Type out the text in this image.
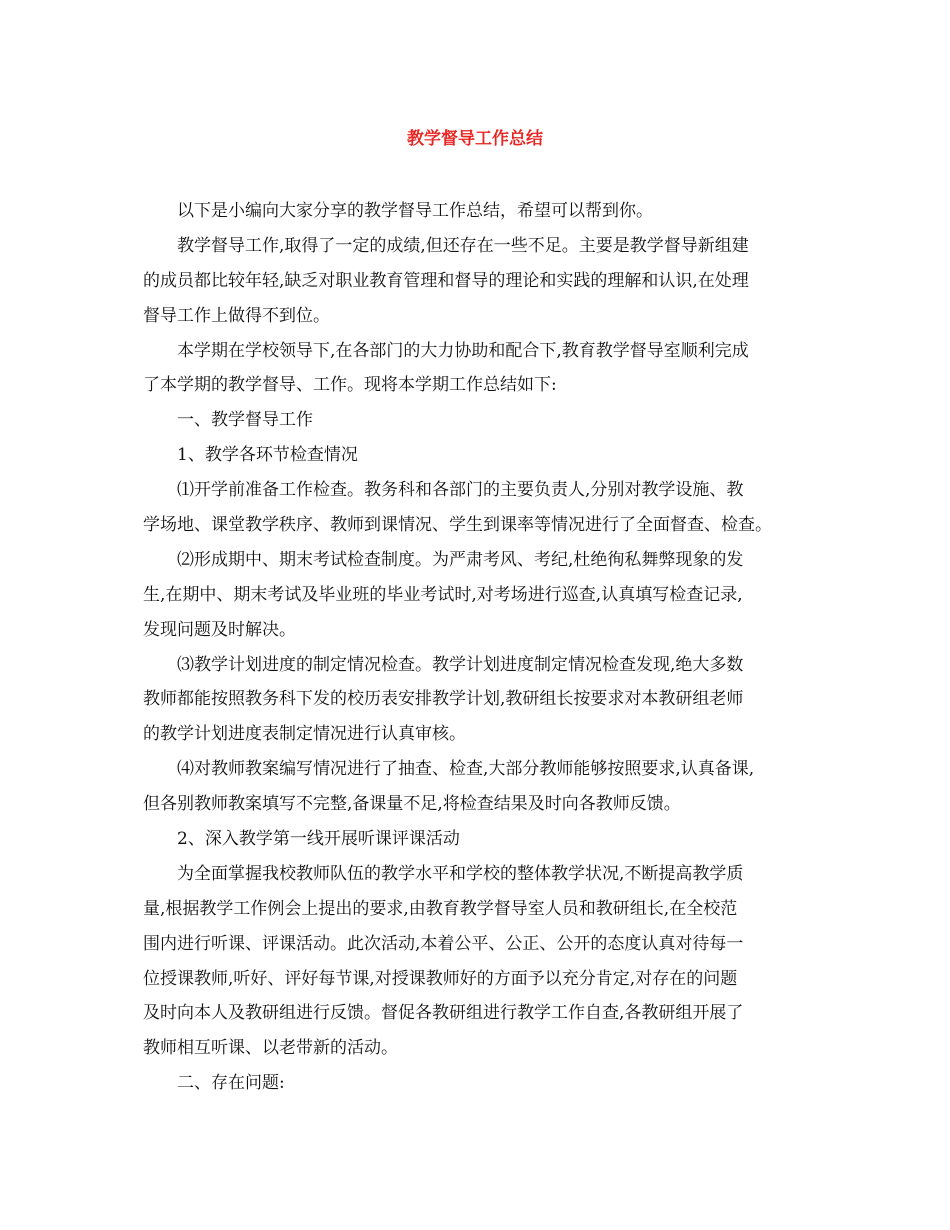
教学督导工作总结
以下是小编向大家分享的教学督导工作总结，希望可以帮到你。
教学督导工作,取得了一定的成绩,但还存在一些不足。主要是教学督导新组建
的成员都比较年轻,缺乏对职业教育管理和督导的理论和实践的理解和认识,在处理
督导工作上做得不到位。
本学期在学校领导下,在各部门的大力协助和配合下,教育教学督导室顺利完成
了本学期的教学督导、工作。现将本学期工作总结如下:
一、教学督导工作
1、教学各环节检查情况
⑴开学前准备工作检查。教务科和各部门的主要负责人,分别对教学设施、教
学场地、课堂教学秩序、教师到课情况、学生到课率等情况进行了全面督查、检查。
⑵形成期中、期末考试检查制度。为严肃考风、考纪,杜绝徇私舞弊现象的发
生,在期中、期末考试及毕业班的毕业考试时,对考场进行巡查,认真填写检查记录,
发现问题及时解决。
⑶教学计划进度的制定情况检查。教学计划进度制定情况检查发现,绝大多数
教师都能按照教务科下发的校历表安排教学计划,教研组长按要求对本教研组老师
的教学计划进度表制定情况进行认真审核。
⑷对教师教案编写情况进行了抽查、检查,大部分教师能够按照要求,认真备课,
但各别教师教案填写不完整,备课量不足,将检查结果及时向各教师反馈。
2、深入教学第一线开展听课评课活动
为全面掌握我校教师队伍的教学水平和学校的整体教学状况,不断提高教学质
量,根据教学工作例会上提出的要求,由教育教学督导室人员和教研组长,在全校范
围内进行听课、评课活动。此次活动,本着公平、公正、公开的态度认真对待每一
位授课教师,听好、评好每节课,对授课教师好的方面予以充分肯定,对存在的问题
及时向本人及教研组进行反馈。督促各教研组进行教学工作自查,各教研组开展了
教师相互听课、以老带新的活动。
二、存在问题:
